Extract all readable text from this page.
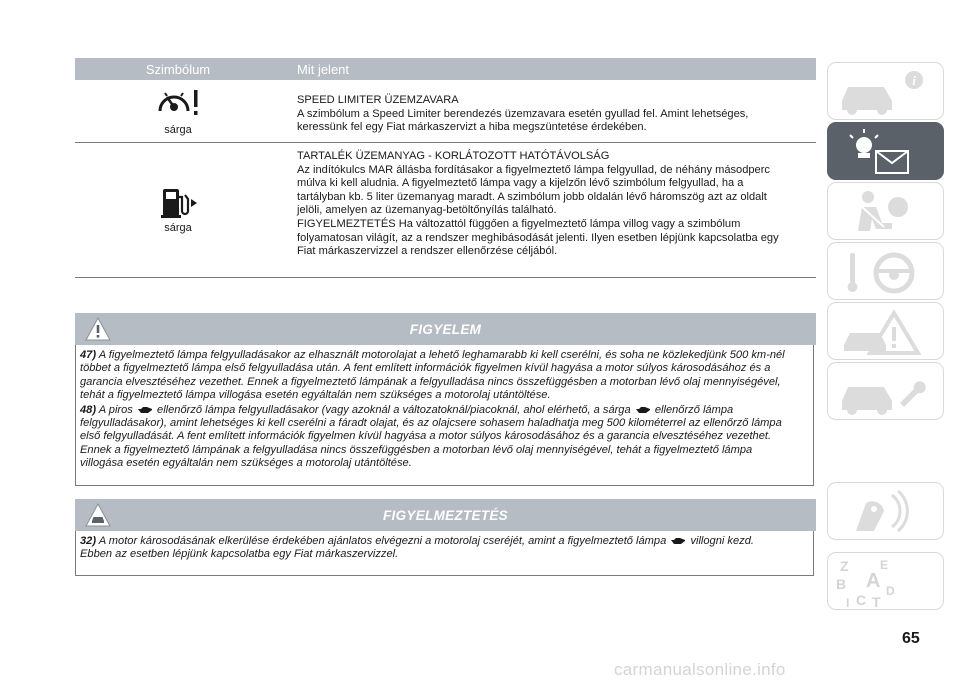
Szimbólum	Mit jelent
sárga
SPEED LIMITER ÜZEMZAVARA
A szimbólum a Speed Limiter berendezés üzemzavara esetén gyullad fel. Amint lehetséges,
keressünk fel egy Fiat márkaszervizt a hiba megszüntetése érdekében.
sárga
TARTALÉK ÜZEMANYAG - KORLÁTOZOTT HATÓTÁVOLSÁG
Az indítókulcs MAR állásba fordításakor a figyelmeztető lámpa felgyullad, de néhány másodperc
múlva ki kell aludnia. A figyelmeztető lámpa vagy a kijelzőn lévő szimbólum felgyullad, ha a
tartályban kb. 5 liter üzemanyag maradt. A szimbólum jobb oldalán lévő háromszög azt az oldalt
jelöli, amelyen az üzemanyag-betöltőnyílás található.
FIGYELMEZTETÉS Ha változattól függően a figyelmeztető lámpa villog vagy a szimbólum
folyamatosan világít, az a rendszer meghibásodását jelenti. Ilyen esetben lépjünk kapcsolatba egy
Fiat márkaszervizzel a rendszer ellenőrzése céljából.
FIGYELEM

47) A figyelmeztető lámpa felgyulladásakor az elhasznált motorolajat a lehető leghamarabb ki kell cserélni, és soha ne közlekedjünk 500 km-nél
többet a figyelmeztető lámpa első felgyulladása után. A fent említett információk figyelmen kívül hagyása a motor súlyos károsodásához és a
garancia elvesztéséhez vezethet. Ennek a figyelmeztető lámpának a felgyulladása nincs összefüggésben a motorban lévő olaj mennyiségével,
tehát a figyelmeztető lámpa villogása esetén egyáltalán nem szükséges a motorolaj utántöltése.

48) A piros ellenőrző lámpa felgyulladásakor (vagy azoknál a változatoknál/piacoknál, ahol elérhető, a sárga ellenőrző lámpa
felgyulladásakor), amint lehetséges ki kell cserélni a fáradt olajat, és az olajcsere sohasem haladhatja meg 500 kilométerrel az ellenőrző lámpa
első felgyulladását. A fent említett információk figyelmen kívül hagyása a motor súlyos károsodásához és a garancia elvesztéséhez vezethet.
Ennek a figyelmeztető lámpának a felgyulladása nincs összefüggésben a motorban lévő olaj mennyiségével, tehát a figyelmeztető lámpa
villogása esetén egyáltalán nem szükséges a motorolaj utántöltése.

FIGYELMEZTETÉS

32) A motor károsodásának elkerülése érdekében ajánlatos elvégezni a motorolaj cseréjét, amint a figyelmeztető lámpa villogni kezd.
Ebben az esetben lépjünk kapcsolatba egy Fiat márkaszervizzel.

i
Z	E
B A D
I C T
65
carmanualsonline.info
